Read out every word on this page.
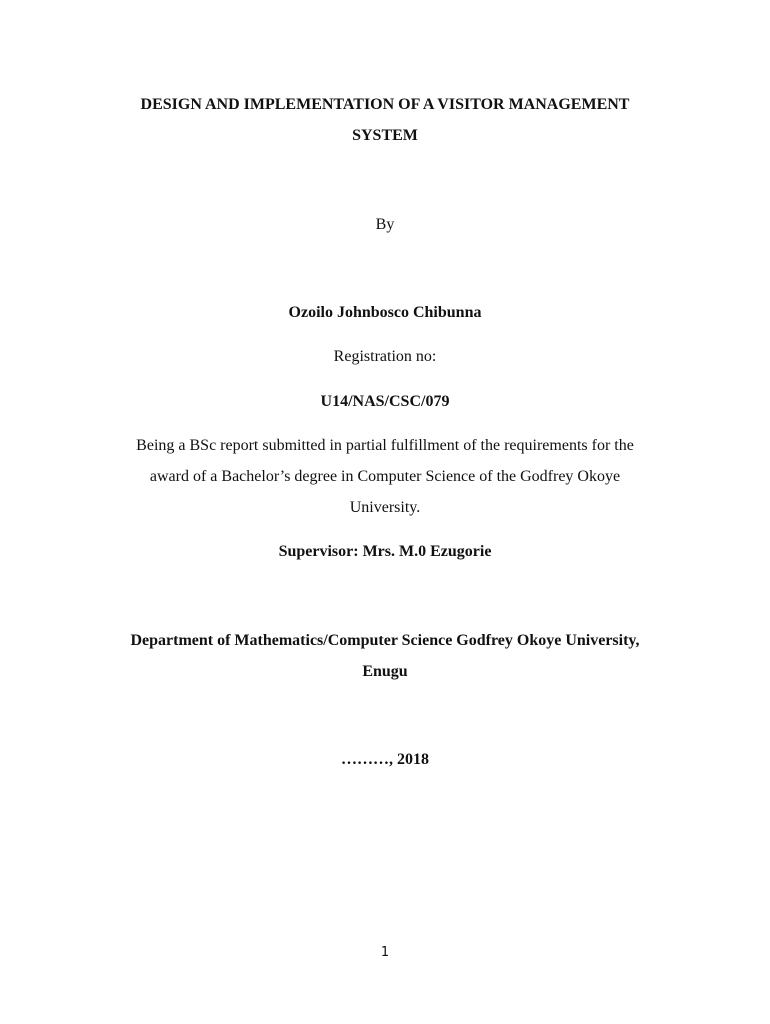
DESIGN AND IMPLEMENTATION OF A VISITOR MANAGEMENT
SYSTEM
By
Ozoilo Johnbosco Chibunna
Registration no:
U14/NAS/CSC/079
Being a BSc report submitted in partial fulfillment of the requirements for the
award of a Bachelor’s degree in Computer Science of the Godfrey Okoye
University.
Supervisor: Mrs. M.0 Ezugorie
Department of Mathematics/Computer Science Godfrey Okoye University,
Enugu
………, 2018
1
